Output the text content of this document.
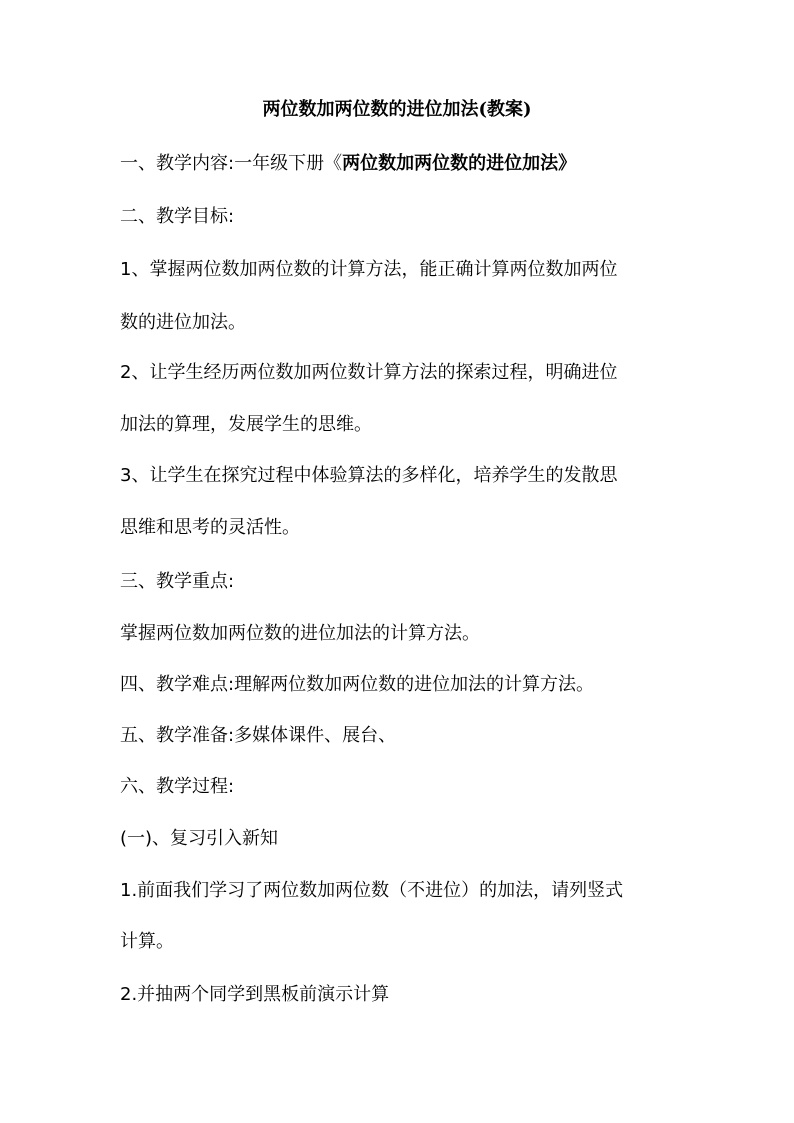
两位数加两位数的进位加法(教案)
一、教学内容:一年级下册《两位数加两位数的进位加法》
二、教学目标:
1、掌握两位数加两位数的计算方法，能正确计算两位数加两位
数的进位加法。
2、让学生经历两位数加两位数计算方法的探索过程，明确进位
加法的算理，发展学生的思维。
3、让学生在探究过程中体验算法的多样化，培养学生的发散思
思维和思考的灵活性。
三、教学重点:
掌握两位数加两位数的进位加法的计算方法。
四、教学难点:理解两位数加两位数的进位加法的计算方法。
五、教学准备:多媒体课件、展台、
六、教学过程:
(一)、复习引入新知
1.前面我们学习了两位数加两位数（不进位）的加法，请列竖式
计算。
2.并抽两个同学到黑板前演示计算
